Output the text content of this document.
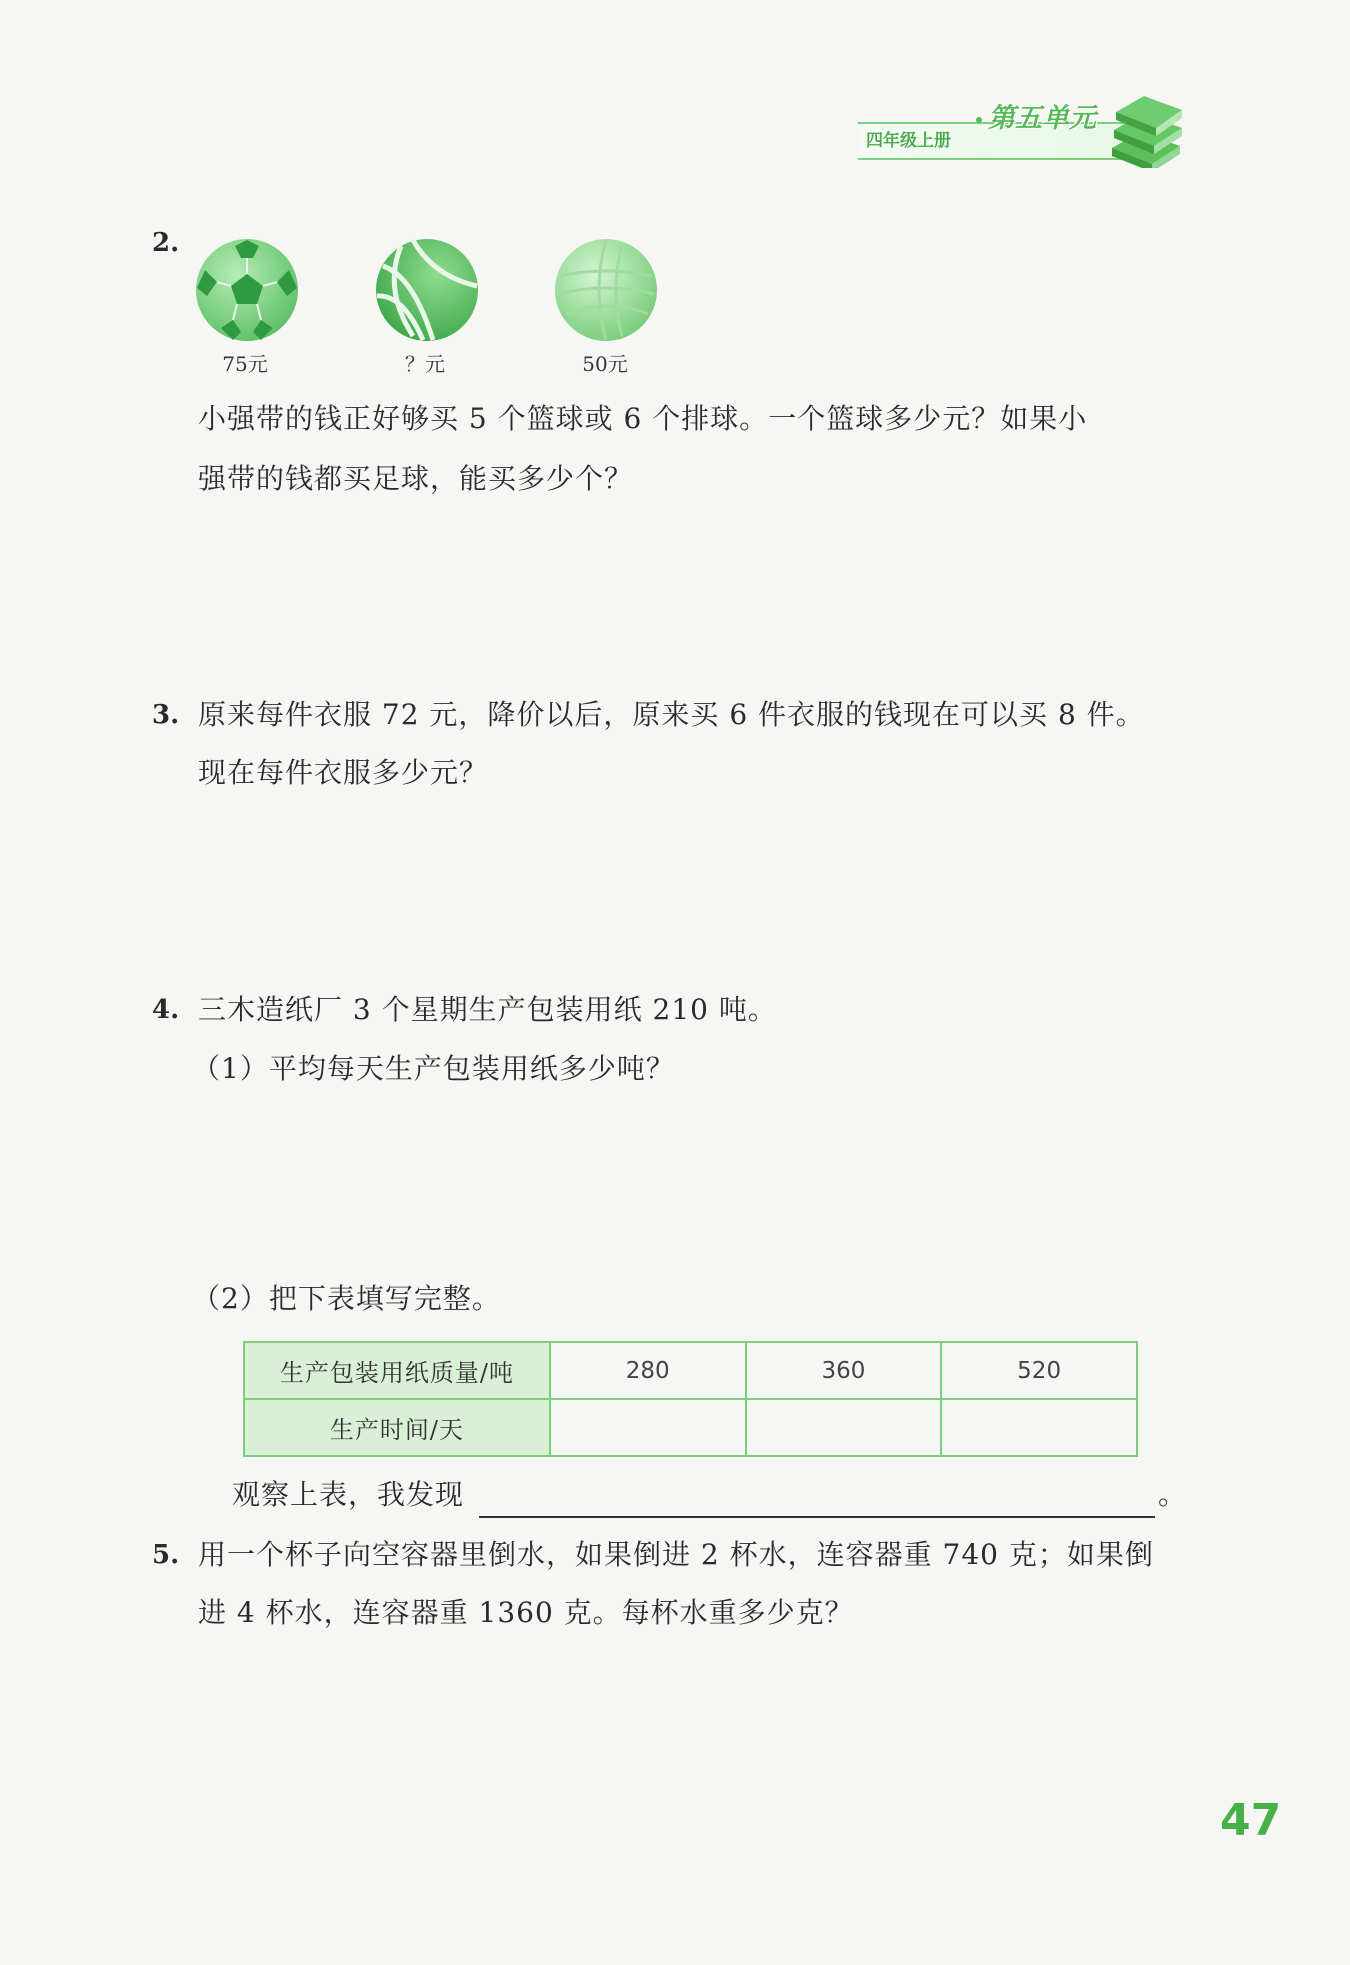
四年级上册
第五单元
2.
75元	？元	50元
小强带的钱正好够买 5 个篮球或 6 个排球。一个篮球多少元？如果小
强带的钱都买足球，能买多少个？
3. 原来每件衣服 72 元，降价以后，原来买 6 件衣服的钱现在可以买 8 件。
现在每件衣服多少元？
4. 三木造纸厂 3 个星期生产包装用纸 210 吨。
（1）平均每天生产包装用纸多少吨？
（2）把下表填写完整。
生产包装用纸质量/吨	280	360	520
生产时间/天			
观察上表，我发现	。
5. 用一个杯子向空容器里倒水，如果倒进 2 杯水，连容器重 740 克；如果倒
进 4 杯水，连容器重 1360 克。每杯水重多少克？
47
